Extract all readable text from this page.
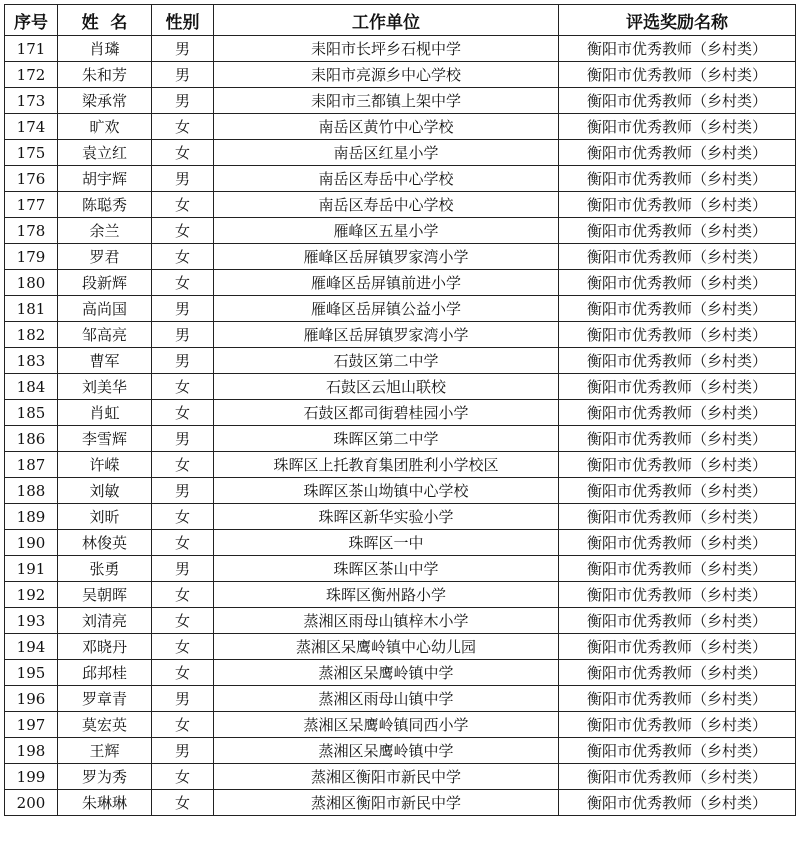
序号	姓  名	性别	工作单位	评选奖励名称
171	肖璘	男	耒阳市长坪乡石枧中学	衡阳市优秀教师（乡村类）
172	朱和芳	男	耒阳市亮源乡中心学校	衡阳市优秀教师（乡村类）
173	梁承常	男	耒阳市三都镇上架中学	衡阳市优秀教师（乡村类）
174	旷欢	女	南岳区黄竹中心学校	衡阳市优秀教师（乡村类）
175	袁立红	女	南岳区红星小学	衡阳市优秀教师（乡村类）
176	胡宇辉	男	南岳区寿岳中心学校	衡阳市优秀教师（乡村类）
177	陈聪秀	女	南岳区寿岳中心学校	衡阳市优秀教师（乡村类）
178	余兰	女	雁峰区五星小学	衡阳市优秀教师（乡村类）
179	罗君	女	雁峰区岳屏镇罗家湾小学	衡阳市优秀教师（乡村类）
180	段新辉	女	雁峰区岳屏镇前进小学	衡阳市优秀教师（乡村类）
181	高尚国	男	雁峰区岳屏镇公益小学	衡阳市优秀教师（乡村类）
182	邹高亮	男	雁峰区岳屏镇罗家湾小学	衡阳市优秀教师（乡村类）
183	曹军	男	石鼓区第二中学	衡阳市优秀教师（乡村类）
184	刘美华	女	石鼓区云旭山联校	衡阳市优秀教师（乡村类）
185	肖虹	女	石鼓区都司街碧桂园小学	衡阳市优秀教师（乡村类）
186	李雪辉	男	珠晖区第二中学	衡阳市优秀教师（乡村类）
187	许嵘	女	珠晖区上托教育集团胜利小学校区	衡阳市优秀教师（乡村类）
188	刘敏	男	珠晖区茶山坳镇中心学校	衡阳市优秀教师（乡村类）
189	刘昕	女	珠晖区新华实验小学	衡阳市优秀教师（乡村类）
190	林俊英	女	珠晖区一中	衡阳市优秀教师（乡村类）
191	张勇	男	珠晖区茶山中学	衡阳市优秀教师（乡村类）
192	吴朝晖	女	珠晖区衡州路小学	衡阳市优秀教师（乡村类）
193	刘清亮	女	蒸湘区雨母山镇梓木小学	衡阳市优秀教师（乡村类）
194	邓晓丹	女	蒸湘区呆鹰岭镇中心幼儿园	衡阳市优秀教师（乡村类）
195	邱邦桂	女	蒸湘区呆鹰岭镇中学	衡阳市优秀教师（乡村类）
196	罗章青	男	蒸湘区雨母山镇中学	衡阳市优秀教师（乡村类）
197	莫宏英	女	蒸湘区呆鹰岭镇同西小学	衡阳市优秀教师（乡村类）
198	王辉	男	蒸湘区呆鹰岭镇中学	衡阳市优秀教师（乡村类）
199	罗为秀	女	蒸湘区衡阳市新民中学	衡阳市优秀教师（乡村类）
200	朱琳琳	女	蒸湘区衡阳市新民中学	衡阳市优秀教师（乡村类）
